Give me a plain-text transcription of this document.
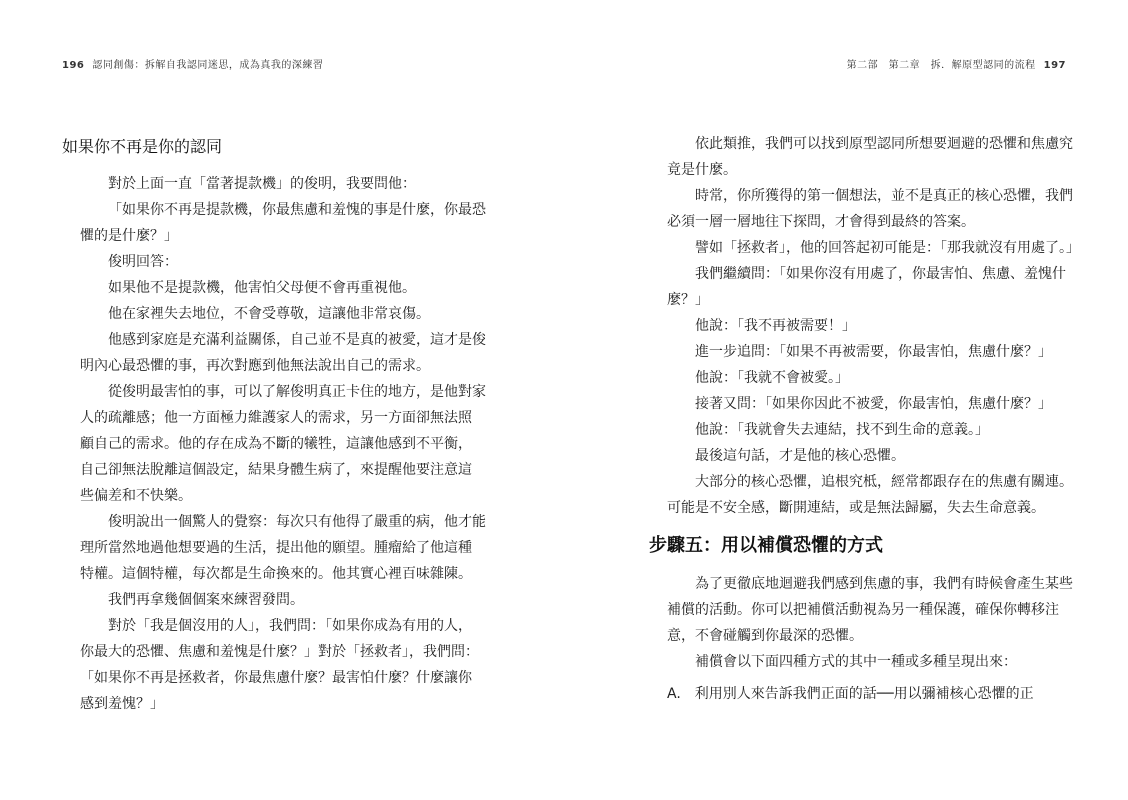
196 認同創傷：拆解自我認同迷思，成為真我的深練習
如果你不再是你的認同

對於上面一直「當著提款機」的俊明，我要問他：

「如果你不再是提款機，你最焦慮和羞愧的事是什麼，你最恐
懼的是什麼？」

俊明回答：

如果他不是提款機，他害怕父母便不會再重視他。

他在家裡失去地位，不會受尊敬，這讓他非常哀傷。

他感到家庭是充滿利益關係，自己並不是真的被愛，這才是俊
明內心最恐懼的事，再次對應到他無法說出自己的需求。

從俊明最害怕的事，可以了解俊明真正卡住的地方，是他對家
人的疏離感；他一方面極力維護家人的需求，另一方面卻無法照
顧自己的需求。他的存在成為不斷的犧牲，這讓他感到不平衡，
自己卻無法脫離這個設定，結果身體生病了，來提醒他要注意這
些偏差和不快樂。

俊明說出一個驚人的覺察：每次只有他得了嚴重的病，他才能
理所當然地過他想要過的生活，提出他的願望。腫瘤給了他這種
特權。這個特權，每次都是生命換來的。他其實心裡百味雜陳。

我們再拿幾個個案來練習發問。

對於「我是個沒用的人」，我們問：「如果你成為有用的人，
你最大的恐懼、焦慮和羞愧是什麼？」對於「拯救者」，我們問：
「如果你不再是拯救者，你最焦慮什麼？最害怕什麼？什麼讓你
感到羞愧？」

第二部　第二章　拆．解原型認同的流程 197

依此類推，我們可以找到原型認同所想要迴避的恐懼和焦慮究
竟是什麼。

時常，你所獲得的第一個想法，並不是真正的核心恐懼，我們
必須一層一層地往下探問，才會得到最終的答案。

譬如「拯救者」，他的回答起初可能是：「那我就沒有用處了。」

我們繼續問：「如果你沒有用處了，你最害怕、焦慮、羞愧什
麼？」

他說：「我不再被需要！」

進一步追問：「如果不再被需要，你最害怕，焦慮什麼？」

他說：「我就不會被愛。」

接著又問：「如果你因此不被愛，你最害怕，焦慮什麼？」

他說：「我就會失去連結，找不到生命的意義。」

最後這句話，才是他的核心恐懼。

大部分的核心恐懼，追根究柢，經常都跟存在的焦慮有關連。
可能是不安全感，斷開連結，或是無法歸屬，失去生命意義。

步驟五：用以補償恐懼的方式

為了更徹底地迴避我們感到焦慮的事，我們有時候會產生某些
補償的活動。你可以把補償活動視為另一種保護，確保你轉移注
意，不會碰觸到你最深的恐懼。

補償會以下面四種方式的其中一種或多種呈現出來：

A.　利用別人來告訴我們正面的話──用以彌補核心恐懼的正
